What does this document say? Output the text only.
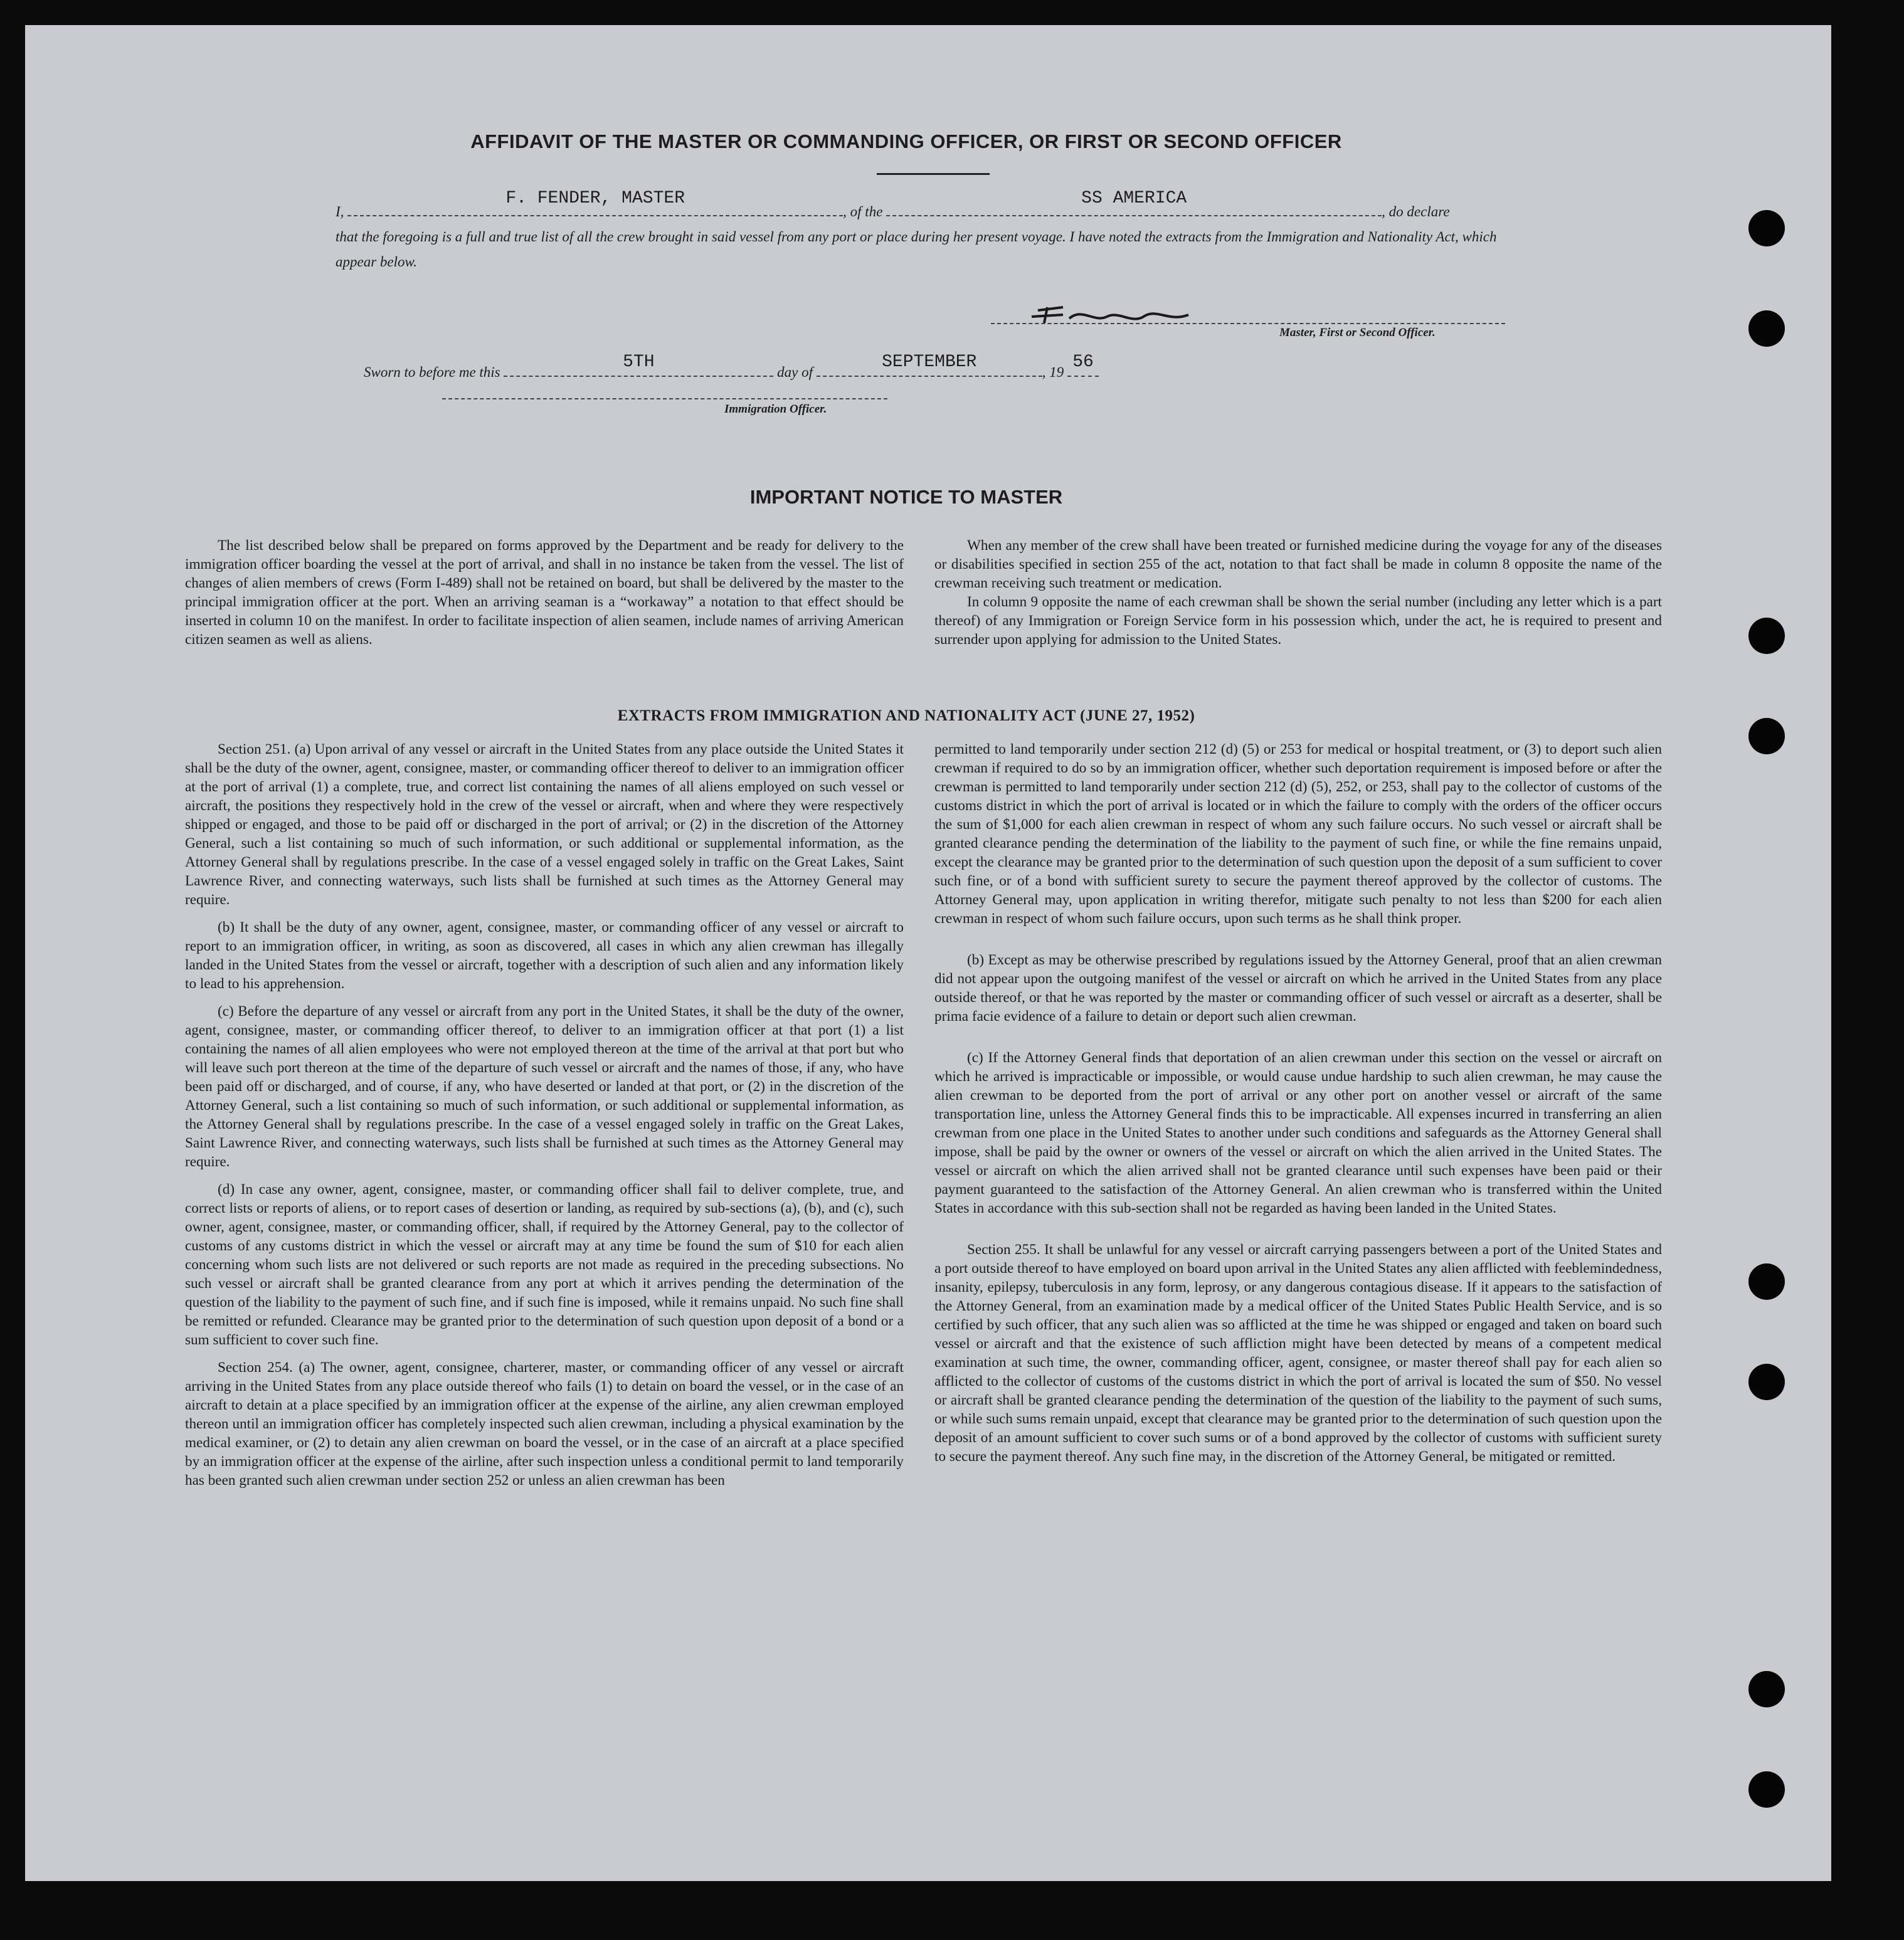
AFFIDAVIT OF THE MASTER OR COMMANDING OFFICER, OR FIRST OR SECOND OFFICER
I,
F. FENDER, MASTER
, of the
SS AMERICA
, do declare
that the foregoing is a full and true list of all the crew brought in said vessel from any port or place during her present voyage. I have noted the extracts from the Immigration and Nationality Act, which appear below.
Master, First or Second Officer.
Sworn to before me this
5TH
day of
SEPTEMBER
, 19
56
Immigration Officer.
IMPORTANT NOTICE TO MASTER

The list described below shall be prepared on forms approved by the Department and be ready for delivery to the immigration officer boarding the vessel at the port of arrival, and shall in no instance be taken from the vessel. The list of changes of alien members of crews (Form I-489) shall not be retained on board, but shall be delivered by the master to the principal immigration officer at the port. When an arriving seaman is a “workaway” a notation to that effect should be inserted in column 10 on the manifest. In order to facilitate inspection of alien seamen, include names of arriving American citizen seamen as well as aliens.

When any member of the crew shall have been treated or furnished medicine during the voyage for any of the diseases or disabilities specified in section 255 of the act, notation to that fact shall be made in column 8 opposite the name of the crewman receiving such treatment or medication.

In column 9 opposite the name of each crewman shall be shown the serial number (including any letter which is a part thereof) of any Immigration or Foreign Service form in his possession which, under the act, he is required to present and surrender upon applying for admission to the United States.

EXTRACTS FROM IMMIGRATION AND NATIONALITY ACT (JUNE 27, 1952)

Section 251. (a) Upon arrival of any vessel or aircraft in the United States from any place outside the United States it shall be the duty of the owner, agent, consignee, master, or commanding officer thereof to deliver to an immigration officer at the port of arrival (1) a complete, true, and correct list containing the names of all aliens employed on such vessel or aircraft, the positions they respectively hold in the crew of the vessel or aircraft, when and where they were respectively shipped or engaged, and those to be paid off or discharged in the port of arrival; or (2) in the discretion of the Attorney General, such a list containing so much of such information, or such additional or supplemental information, as the Attorney General shall by regulations prescribe. In the case of a vessel engaged solely in traffic on the Great Lakes, Saint Lawrence River, and connecting waterways, such lists shall be furnished at such times as the Attorney General may require.

(b) It shall be the duty of any owner, agent, consignee, master, or commanding officer of any vessel or aircraft to report to an immigration officer, in writing, as soon as discovered, all cases in which any alien crewman has illegally landed in the United States from the vessel or aircraft, together with a description of such alien and any information likely to lead to his apprehension.

(c) Before the departure of any vessel or aircraft from any port in the United States, it shall be the duty of the owner, agent, consignee, master, or commanding officer thereof, to deliver to an immigration officer at that port (1) a list containing the names of all alien employees who were not employed thereon at the time of the arrival at that port but who will leave such port thereon at the time of the departure of such vessel or aircraft and the names of those, if any, who have been paid off or discharged, and of course, if any, who have deserted or landed at that port, or (2) in the discretion of the Attorney General, such a list containing so much of such information, or such additional or supplemental information, as the Attorney General shall by regulations prescribe. In the case of a vessel engaged solely in traffic on the Great Lakes, Saint Lawrence River, and connecting waterways, such lists shall be furnished at such times as the Attorney General may require.

(d) In case any owner, agent, consignee, master, or commanding officer shall fail to deliver complete, true, and correct lists or reports of aliens, or to report cases of desertion or landing, as required by sub-sections (a), (b), and (c), such owner, agent, consignee, master, or commanding officer, shall, if required by the Attorney General, pay to the collector of customs of any customs district in which the vessel or aircraft may at any time be found the sum of $10 for each alien concerning whom such lists are not delivered or such reports are not made as required in the preceding subsections. No such vessel or aircraft shall be granted clearance from any port at which it arrives pending the determination of the question of the liability to the payment of such fine, and if such fine is imposed, while it remains unpaid. No such fine shall be remitted or refunded. Clearance may be granted prior to the determination of such question upon deposit of a bond or a sum sufficient to cover such fine.

Section 254. (a) The owner, agent, consignee, charterer, master, or commanding officer of any vessel or aircraft arriving in the United States from any place outside thereof who fails (1) to detain on board the vessel, or in the case of an aircraft to detain at a place specified by an immigration officer at the expense of the airline, any alien crewman employed thereon until an immigration officer has completely inspected such alien crewman, including a physical examination by the medical examiner, or (2) to detain any alien crewman on board the vessel, or in the case of an aircraft at a place specified by an immigration officer at the expense of the airline, after such inspection unless a conditional permit to land temporarily has been granted such alien crewman under section 252 or unless an alien crewman has been

permitted to land temporarily under section 212 (d) (5) or 253 for medical or hospital treatment, or (3) to deport such alien crewman if required to do so by an immigration officer, whether such deportation requirement is imposed before or after the crewman is permitted to land temporarily under section 212 (d) (5), 252, or 253, shall pay to the collector of customs of the customs district in which the port of arrival is located or in which the failure to comply with the orders of the officer occurs the sum of $1,000 for each alien crewman in respect of whom any such failure occurs. No such vessel or aircraft shall be granted clearance pending the determination of the liability to the payment of such fine, or while the fine remains unpaid, except the clearance may be granted prior to the determination of such question upon the deposit of a sum sufficient to cover such fine, or of a bond with sufficient surety to secure the payment thereof approved by the collector of customs. The Attorney General may, upon application in writing therefor, mitigate such penalty to not less than $200 for each alien crewman in respect of whom such failure occurs, upon such terms as he shall think proper.

(b) Except as may be otherwise prescribed by regulations issued by the Attorney General, proof that an alien crewman did not appear upon the outgoing manifest of the vessel or aircraft on which he arrived in the United States from any place outside thereof, or that he was reported by the master or commanding officer of such vessel or aircraft as a deserter, shall be prima facie evidence of a failure to detain or deport such alien crewman.

(c) If the Attorney General finds that deportation of an alien crewman under this section on the vessel or aircraft on which he arrived is impracticable or impossible, or would cause undue hardship to such alien crewman, he may cause the alien crewman to be deported from the port of arrival or any other port on another vessel or aircraft of the same transportation line, unless the Attorney General finds this to be impracticable. All expenses incurred in transferring an alien crewman from one place in the United States to another under such conditions and safeguards as the Attorney General shall impose, shall be paid by the owner or owners of the vessel or aircraft on which the alien arrived in the United States. The vessel or aircraft on which the alien arrived shall not be granted clearance until such expenses have been paid or their payment guaranteed to the satisfaction of the Attorney General. An alien crewman who is transferred within the United States in accordance with this sub-section shall not be regarded as having been landed in the United States.

Section 255. It shall be unlawful for any vessel or aircraft carrying passengers between a port of the United States and a port outside thereof to have employed on board upon arrival in the United States any alien afflicted with feeblemindedness, insanity, epilepsy, tuberculosis in any form, leprosy, or any dangerous contagious disease. If it appears to the satisfaction of the Attorney General, from an examination made by a medical officer of the United States Public Health Service, and is so certified by such officer, that any such alien was so afflicted at the time he was shipped or engaged and taken on board such vessel or aircraft and that the existence of such affliction might have been detected by means of a competent medical examination at such time, the owner, commanding officer, agent, consignee, or master thereof shall pay for each alien so afflicted to the collector of customs of the customs district in which the port of arrival is located the sum of $50. No vessel or aircraft shall be granted clearance pending the determination of the question of the liability to the payment of such sums, or while such sums remain unpaid, except that clearance may be granted prior to the determination of such question upon the deposit of an amount sufficient to cover such sums or of a bond approved by the collector of customs with sufficient surety to secure the payment thereof. Any such fine may, in the discretion of the Attorney General, be mitigated or remitted.
